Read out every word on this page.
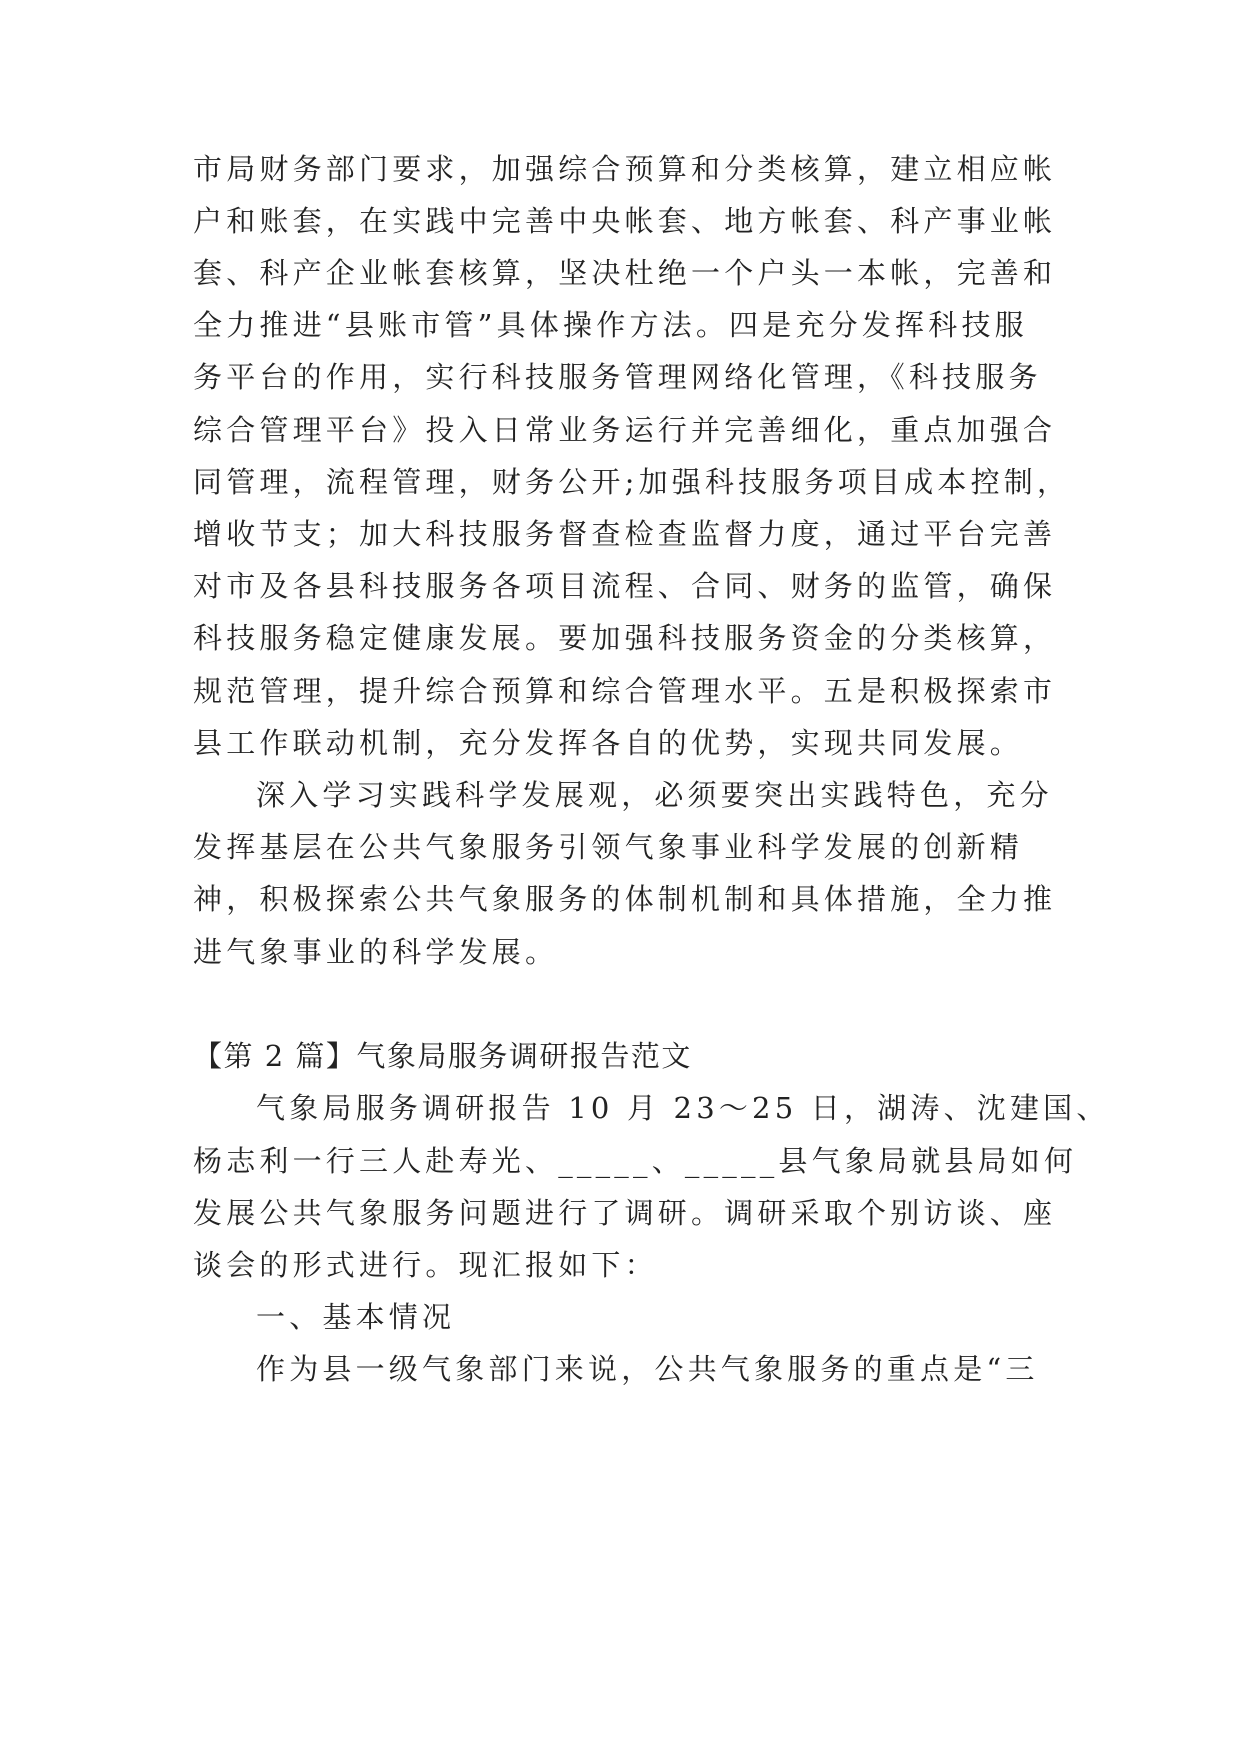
市局财务部门要求，加强综合预算和分类核算，建立相应帐
户和账套，在实践中完善中央帐套、地方帐套、科产事业帐
套、科产企业帐套核算，坚决杜绝一个户头一本帐，完善和
全力推进“县账市管”具体操作方法。四是充分发挥科技服
务平台的作用，实行科技服务管理网络化管理，《科技服务
综合管理平台》投入日常业务运行并完善细化，重点加强合
同管理，流程管理，财务公开;加强科技服务项目成本控制，
增收节支；加大科技服务督查检查监督力度，通过平台完善
对市及各县科技服务各项目流程、合同、财务的监管，确保
科技服务稳定健康发展。要加强科技服务资金的分类核算，
规范管理，提升综合预算和综合管理水平。五是积极探索市
县工作联动机制，充分发挥各自的优势，实现共同发展。
深入学习实践科学发展观，必须要突出实践特色，充分
发挥基层在公共气象服务引领气象事业科学发展的创新精
神，积极探索公共气象服务的体制机制和具体措施，全力推
进气象事业的科学发展。
【第 2 篇】气象局服务调研报告范文
气象局服务调研报告 10 月 23～25 日，湖涛、沈建国、
杨志利一行三人赴寿光、_____、_____县气象局就县局如何
发展公共气象服务问题进行了调研。调研采取个别访谈、座
谈会的形式进行。现汇报如下：
一、基本情况
作为县一级气象部门来说，公共气象服务的重点是“三
